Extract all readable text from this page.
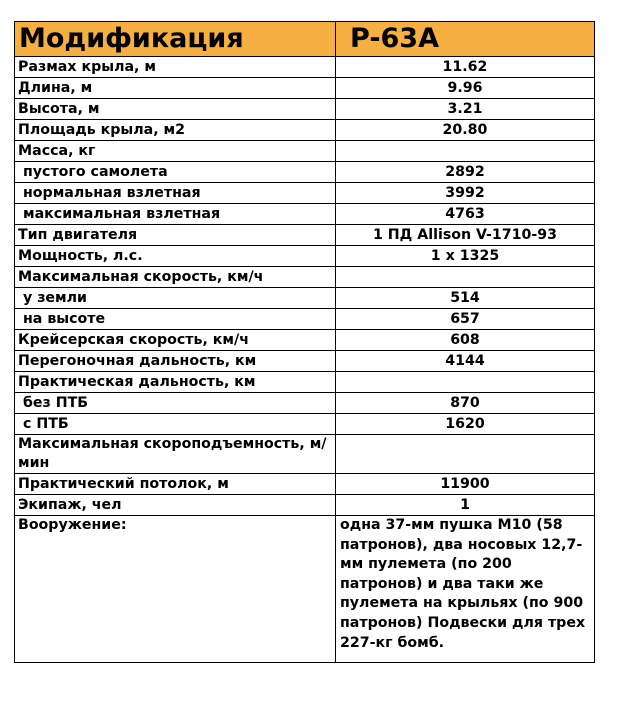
Модификация	P-63A
Размах крыла, м	11.62
Длина, м	9.96
Высота, м	3.21
Площадь крыла, м2	20.80
Масса, кг	
пустого самолета	2892
нормальная взлетная	3992
максимальная взлетная	4763
Тип двигателя	1 ПД Allison V-1710-93
Мощность, л.с.	1 x 1325
Максимальная скорость, км/ч	
у земли	514
на высоте	657
Крейсерская скорость, км/ч	608
Перегоночная дальность, км	4144
Практическая дальность, км	
без ПТБ	870
с ПТБ	1620
Максимальная скороподъемность, м/мин	
Практический потолок, м	11900
Экипаж, чел	1
Вооружение:	одна 37-мм пушка М10 (58 патронов), два носовых 12,7- мм пулемета (по 200 патронов) и два таки же пулемета на крыльях (по 900 патронов) Подвески для трех 227-кг бомб.
